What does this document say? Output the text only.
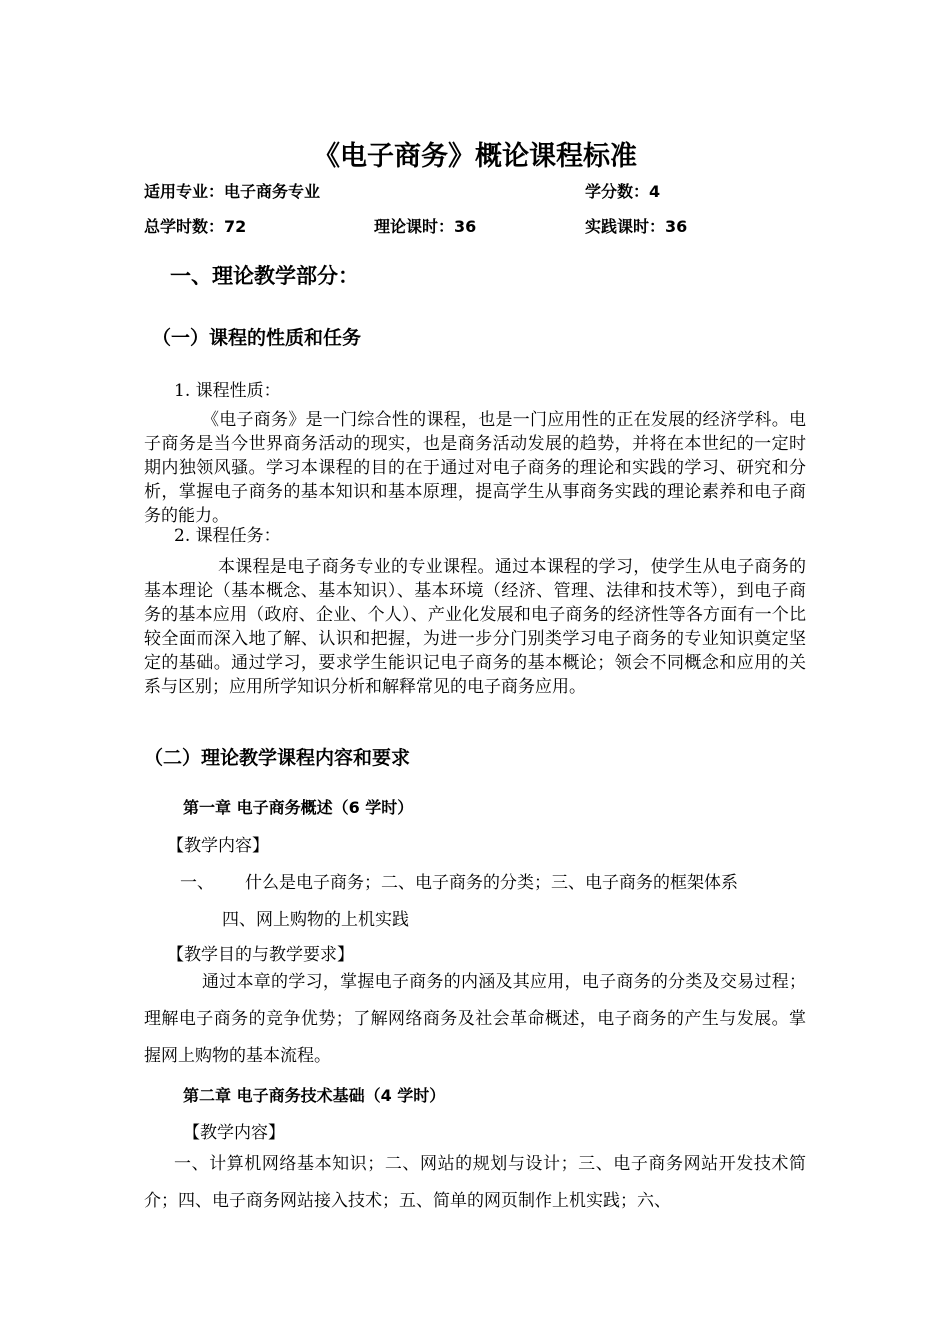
《电子商务》概论课程标准
适用专业：电子商务专业	学分数：4
总学时数：72	理论课时：36	实践课时：36
一、理论教学部分：
（一）课程的性质和任务
1. 课程性质：
《电子商务》是一门综合性的课程，也是一门应用性的正在发展的经济学科。电子商务是当今世界商务活动的现实，也是商务活动发展的趋势，并将在本世纪的一定时期内独领风骚。学习本课程的目的在于通过对电子商务的理论和实践的学习、研究和分析，掌握电子商务的基本知识和基本原理，提高学生从事商务实践的理论素养和电子商务的能力。
2. 课程任务：
本课程是电子商务专业的专业课程。通过本课程的学习，使学生从电子商务的基本理论（基本概念、基本知识）、基本环境（经济、管理、法律和技术等），到电子商务的基本应用（政府、企业、个人）、产业化发展和电子商务的经济性等各方面有一个比较全面而深入地了解、认识和把握，为进一步分门别类学习电子商务的专业知识奠定坚定的基础。通过学习，要求学生能识记电子商务的基本概论；领会不同概念和应用的关系与区别；应用所学知识分析和解释常见的电子商务应用。
（二）理论教学课程内容和要求
第一章 电子商务概述（6 学时）
【教学内容】
一、 什么是电子商务；二、电子商务的分类；三、电子商务的框架体系
四、网上购物的上机实践
【教学目的与教学要求】
通过本章的学习，掌握电子商务的内涵及其应用，电子商务的分类及交易过程；理解电子商务的竞争优势；了解网络商务及社会革命概述，电子商务的产生与发展。掌握网上购物的基本流程。
第二章 电子商务技术基础（4 学时）
【教学内容】
一、计算机网络基本知识；二、网站的规划与设计；三、电子商务网站开发技术简介；四、电子商务网站接入技术；五、简单的网页制作上机实践；六、
